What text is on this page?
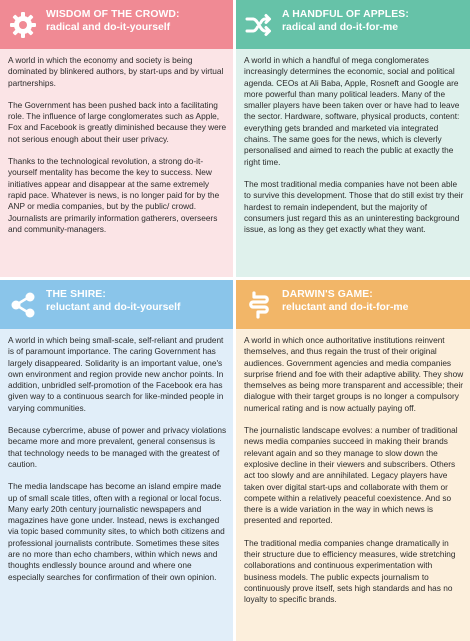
WISDOM OF THE CROWD:
radical and do-it-yourself

A world in which the economy and society is being dominated by blinkered authors, by start-ups and by virtual partnerships.

The Government has been pushed back into a facilitating role. The influence of large conglomerates such as Apple, Fox and Facebook is greatly diminished because they were not serious enough about their user privacy.

Thanks to the technological revolution, a strong do-it-yourself mentality has become the key to success. New initiatives appear and disappear at the same extremely rapid pace. Whatever is news, is no longer paid for by the ANP or media companies, but by the public/ crowd. Journalists are primarily information gatherers, overseers and community-managers.

A HANDFUL OF APPLES:
radical and do-it-for-me

A world in which a handful of mega conglomerates increasingly determines the economic, social and political agenda. CEOs at Ali Baba, Apple, Rosneft and Google are more powerful than many political leaders. Many of the smaller players have been taken over or have had to leave the sector. Hardware, software, physical products, content: everything gets branded and marketed via integrated chains. The same goes for the news, which is cleverly personalised and aimed to reach the public at exactly the right time.

The most traditional media companies have not been able to survive this development. Those that do still exist try their hardest to remain independent, but the majority of consumers just regard this as an uninteresting background issue, as long as they get exactly what they want.

THE SHIRE:
reluctant and do-it-yourself

A world in which being small-scale, self-reliant and prudent is of paramount importance. The caring Government has largely disappeared. Solidarity is an important value, one's own environment and region provide new anchor points. In addition, unbridled self-promotion of the Facebook era has given way to a continuous search for like-minded people in varying communities.

Because cybercrime, abuse of power and privacy violations became more and more prevalent, general consensus is that technology needs to be managed with the greatest of caution.

The media landscape has become an island empire made up of small scale titles, often with a regional or local focus. Many early 20th century journalistic newspapers and magazines have gone under. Instead, news is exchanged via topic based community sites, to which both citizens and professional journalists contribute. Sometimes these sites are no more than echo chambers, within which news and thoughts endlessly bounce around and where one especially searches for confirmation of their own opinion.

DARWIN'S GAME:
reluctant and do-it-for-me

A world in which once authoritative institutions reinvent themselves, and thus regain the trust of their original audiences. Government agencies and media companies surprise friend and foe with their adaptive ability. They show themselves as being more transparent and accessible; their dialogue with their target groups is no longer a compulsory numerical rating and is now actually paying off.

The journalistic landscape evolves: a number of traditional news media companies succeed in making their brands relevant again and so they manage to slow down the explosive decline in their viewers and subscribers. Others act too slowly and are annihilated. Legacy players have taken over digital start-ups and collaborate with them or compete within a relatively peaceful coexistence. And so there is a wide variation in the way in which news is presented and reported.

The traditional media companies change dramatically in their structure due to efficiency measures, wide stretching collaborations and continuous experimentation with business models. The public expects journalism to continuously prove itself, sets high standards and has no loyalty to specific brands.
